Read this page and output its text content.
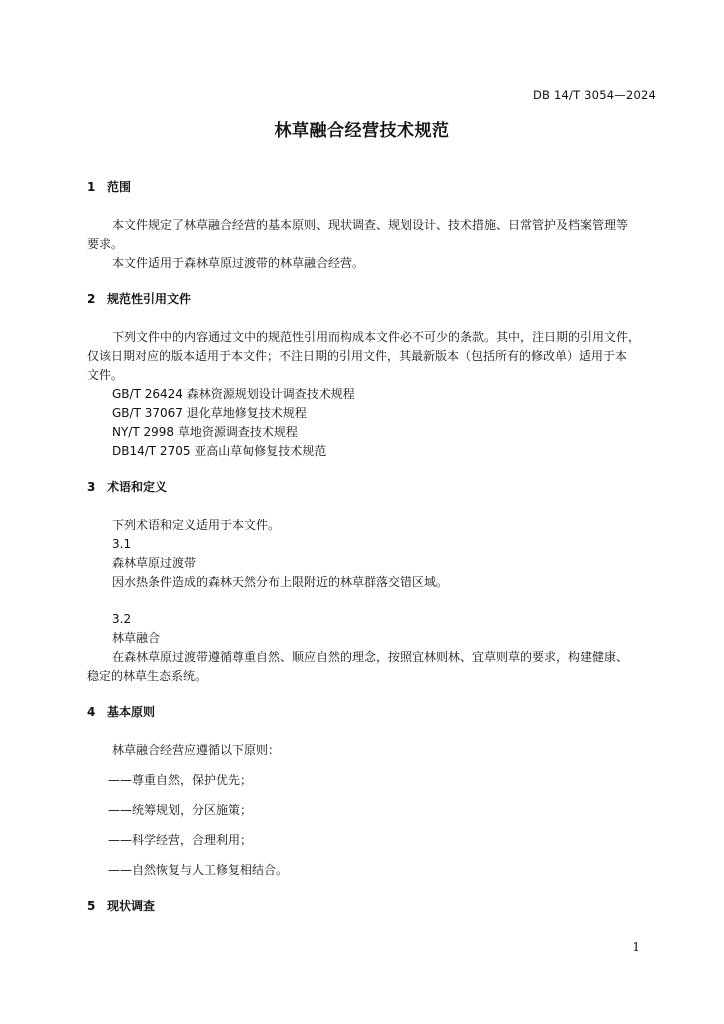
DB 14/T 3054—2024
林草融合经营技术规范
1 范围

本文件规定了林草融合经营的基本原则、现状调查、规划设计、技术措施、日常管护及档案管理等

要求。

本文件适用于森林草原过渡带的林草融合经营。

2 规范性引用文件

下列文件中的内容通过文中的规范性引用而构成本文件必不可少的条款。其中，注日期的引用文件，

仅该日期对应的版本适用于本文件；不注日期的引用文件，其最新版本（包括所有的修改单）适用于本

文件。

GB/T 26424 森林资源规划设计调查技术规程

GB/T 37067 退化草地修复技术规程

NY/T 2998 草地资源调查技术规程

DB14/T 2705 亚高山草甸修复技术规范

3 术语和定义

下列术语和定义适用于本文件。

3.1

森林草原过渡带

因水热条件造成的森林天然分布上限附近的林草群落交错区域。

3.2

林草融合

在森林草原过渡带遵循尊重自然、顺应自然的理念，按照宜林则林、宜草则草的要求，构建健康、

稳定的林草生态系统。

4 基本原则

林草融合经营应遵循以下原则：

——尊重自然，保护优先；

——统筹规划，分区施策；

——科学经营，合理利用；

——自然恢复与人工修复相结合。

5 现状调查
1
